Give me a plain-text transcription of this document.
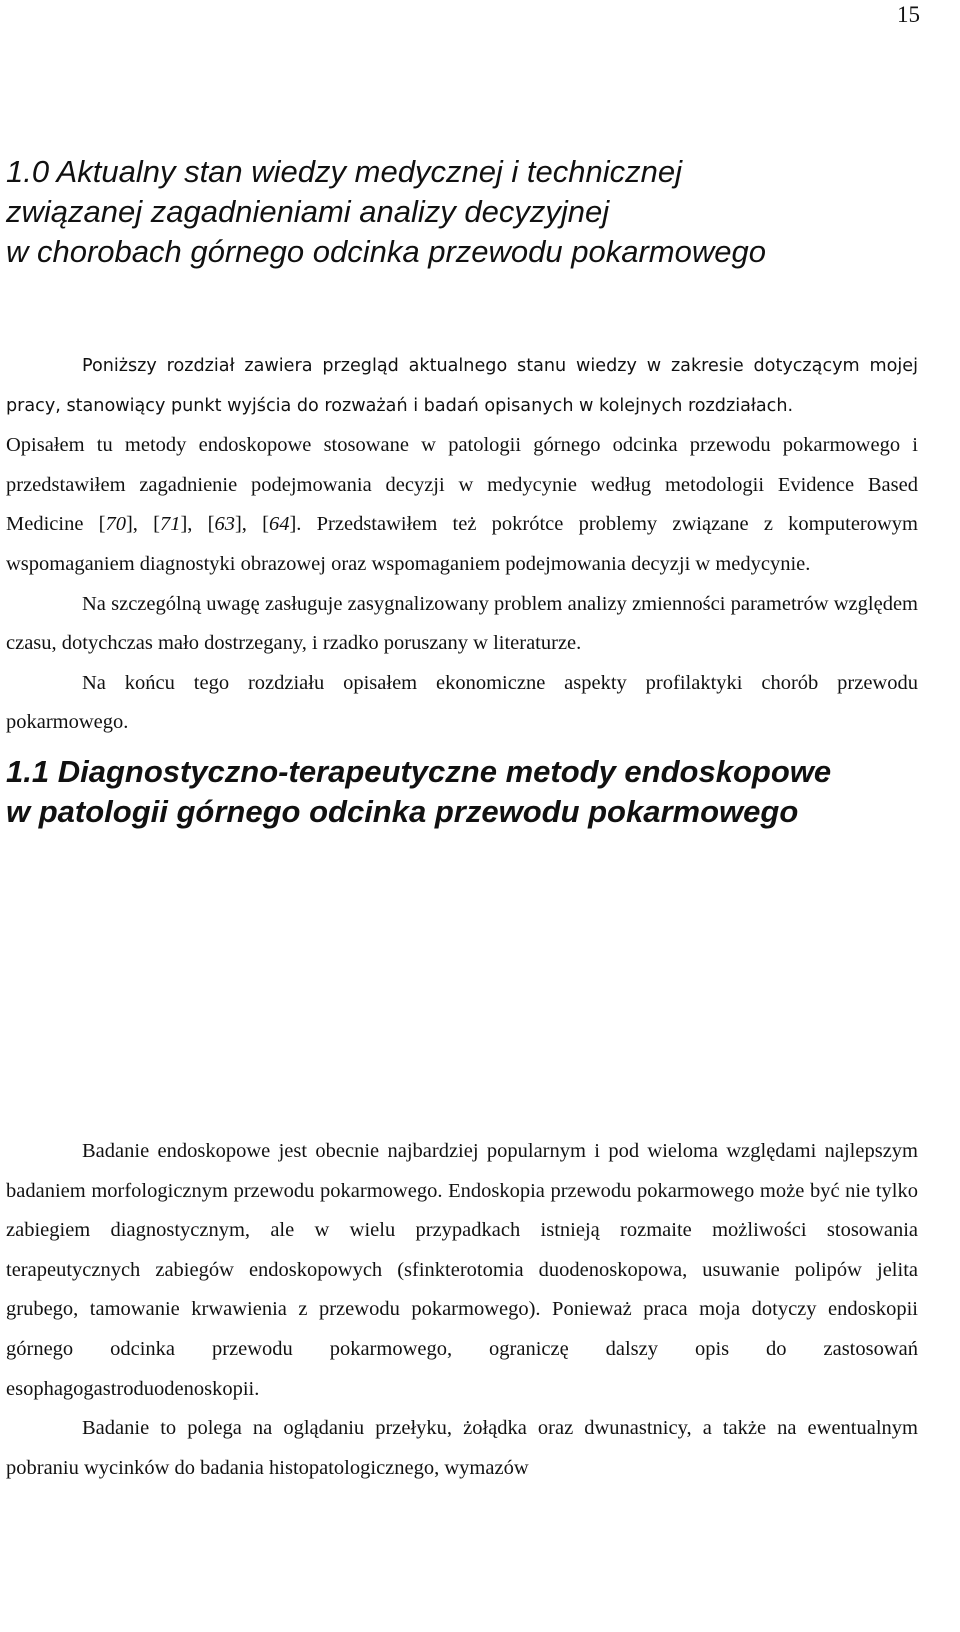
15
1.0 Aktualny stan wiedzy medycznej i technicznej
związanej zagadnieniami analizy decyzyjnej
w chorobach górnego odcinka przewodu pokarmowego

Poniższy rozdział zawiera przegląd aktualnego stanu wiedzy w zakresie dotyczącym mojej pracy, stanowiący punkt wyjścia do rozważań i badań opisanych w kolejnych rozdziałach.

Opisałem tu metody endoskopowe stosowane w patologii górnego odcinka przewodu pokarmowego i przedstawiłem zagadnienie podejmowania decyzji w medycynie według metodologii Evidence Based Medicine [70], [71], [63], [64]. Przedstawiłem też pokrótce problemy związane z komputerowym wspomaganiem diagnostyki obrazowej oraz wspomaganiem podejmowania decyzji w medycynie.

Na szczególną uwagę zasługuje zasygnalizowany problem analizy zmienności parametrów względem czasu, dotychczas mało dostrzegany, i rzadko poruszany w literaturze.

Na końcu tego rozdziału opisałem ekonomiczne aspekty profilaktyki chorób przewodu pokarmowego.

1.1 Diagnostyczno-terapeutyczne metody endoskopowe
w patologii górnego odcinka przewodu pokarmowego

Badanie endoskopowe jest obecnie najbardziej popularnym i pod wieloma względami najlepszym badaniem morfologicznym przewodu pokarmowego. Endoskopia przewodu pokarmowego może być nie tylko zabiegiem diagnostycznym, ale w wielu przypadkach istnieją rozmaite możliwości stosowania terapeutycznych zabiegów endoskopowych (sfinkterotomia duodenoskopowa, usuwanie polipów jelita grubego, tamowanie krwawienia z przewodu pokarmowego). Ponieważ praca moja dotyczy endoskopii górnego odcinka przewodu pokarmowego, ograniczę dalszy opis do zastosowań esophagogastroduodenoskopii.

Badanie to polega na oglądaniu przełyku, żołądka oraz dwunastnicy, a także na ewentualnym pobraniu wycinków do badania histopatologicznego, wymazów
